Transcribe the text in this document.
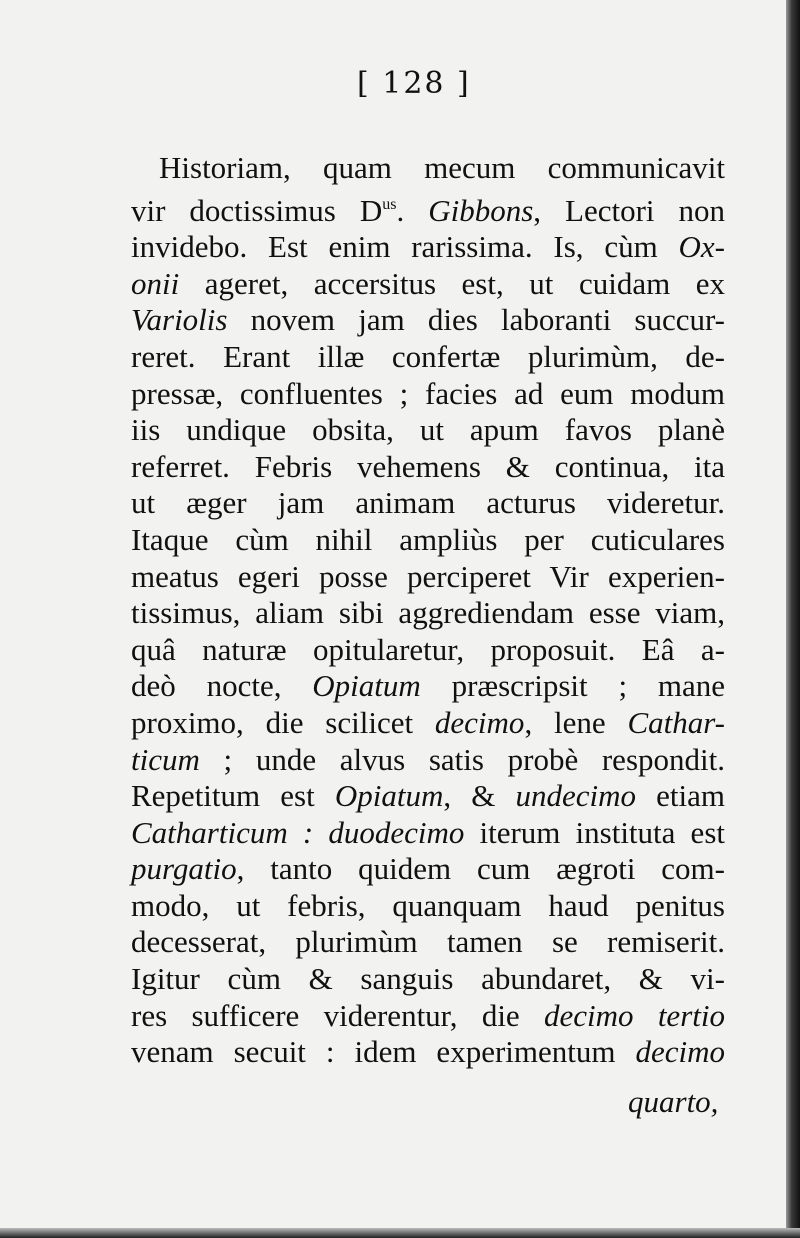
[ 128 ]
Historiam, quam mecum communicavit
vir doctissimus $D^{us}$. Gibbons, Lectori non
invidebo. Est enim rarissima. Is, cùm Ox-
onii ageret, accersitus est, ut cuidam ex
Variolis novem jam dies laboranti succur-
reret. Erant illæ confertæ plurimùm, de-
pressæ, confluentes ; facies ad eum modum
iis undique obsita, ut apum favos planè
referret. Febris vehemens & continua, ita
ut æger jam animam acturus videretur.
Itaque cùm nihil ampliùs per cuticulares
meatus egeri posse perciperet Vir experien-
tissimus, aliam sibi aggrediendam esse viam,
quâ naturæ opitularetur, proposuit. Eâ a-
deò nocte, Opiatum præscripsit ; mane
proximo, die scilicet decimo, lene Cathar-
ticum ; unde alvus satis probè respondit.
Repetitum est Opiatum, & undecimo etiam
Catharticum : duodecimo iterum instituta est
purgatio, tanto quidem cum ægroti com-
modo, ut febris, quanquam haud penitus
decesserat, plurimùm tamen se remiserit.
Igitur cùm & sanguis abundaret, & vi-
res sufficere viderentur, die decimo tertio
venam secuit : idem experimentum decimo
quarto,
